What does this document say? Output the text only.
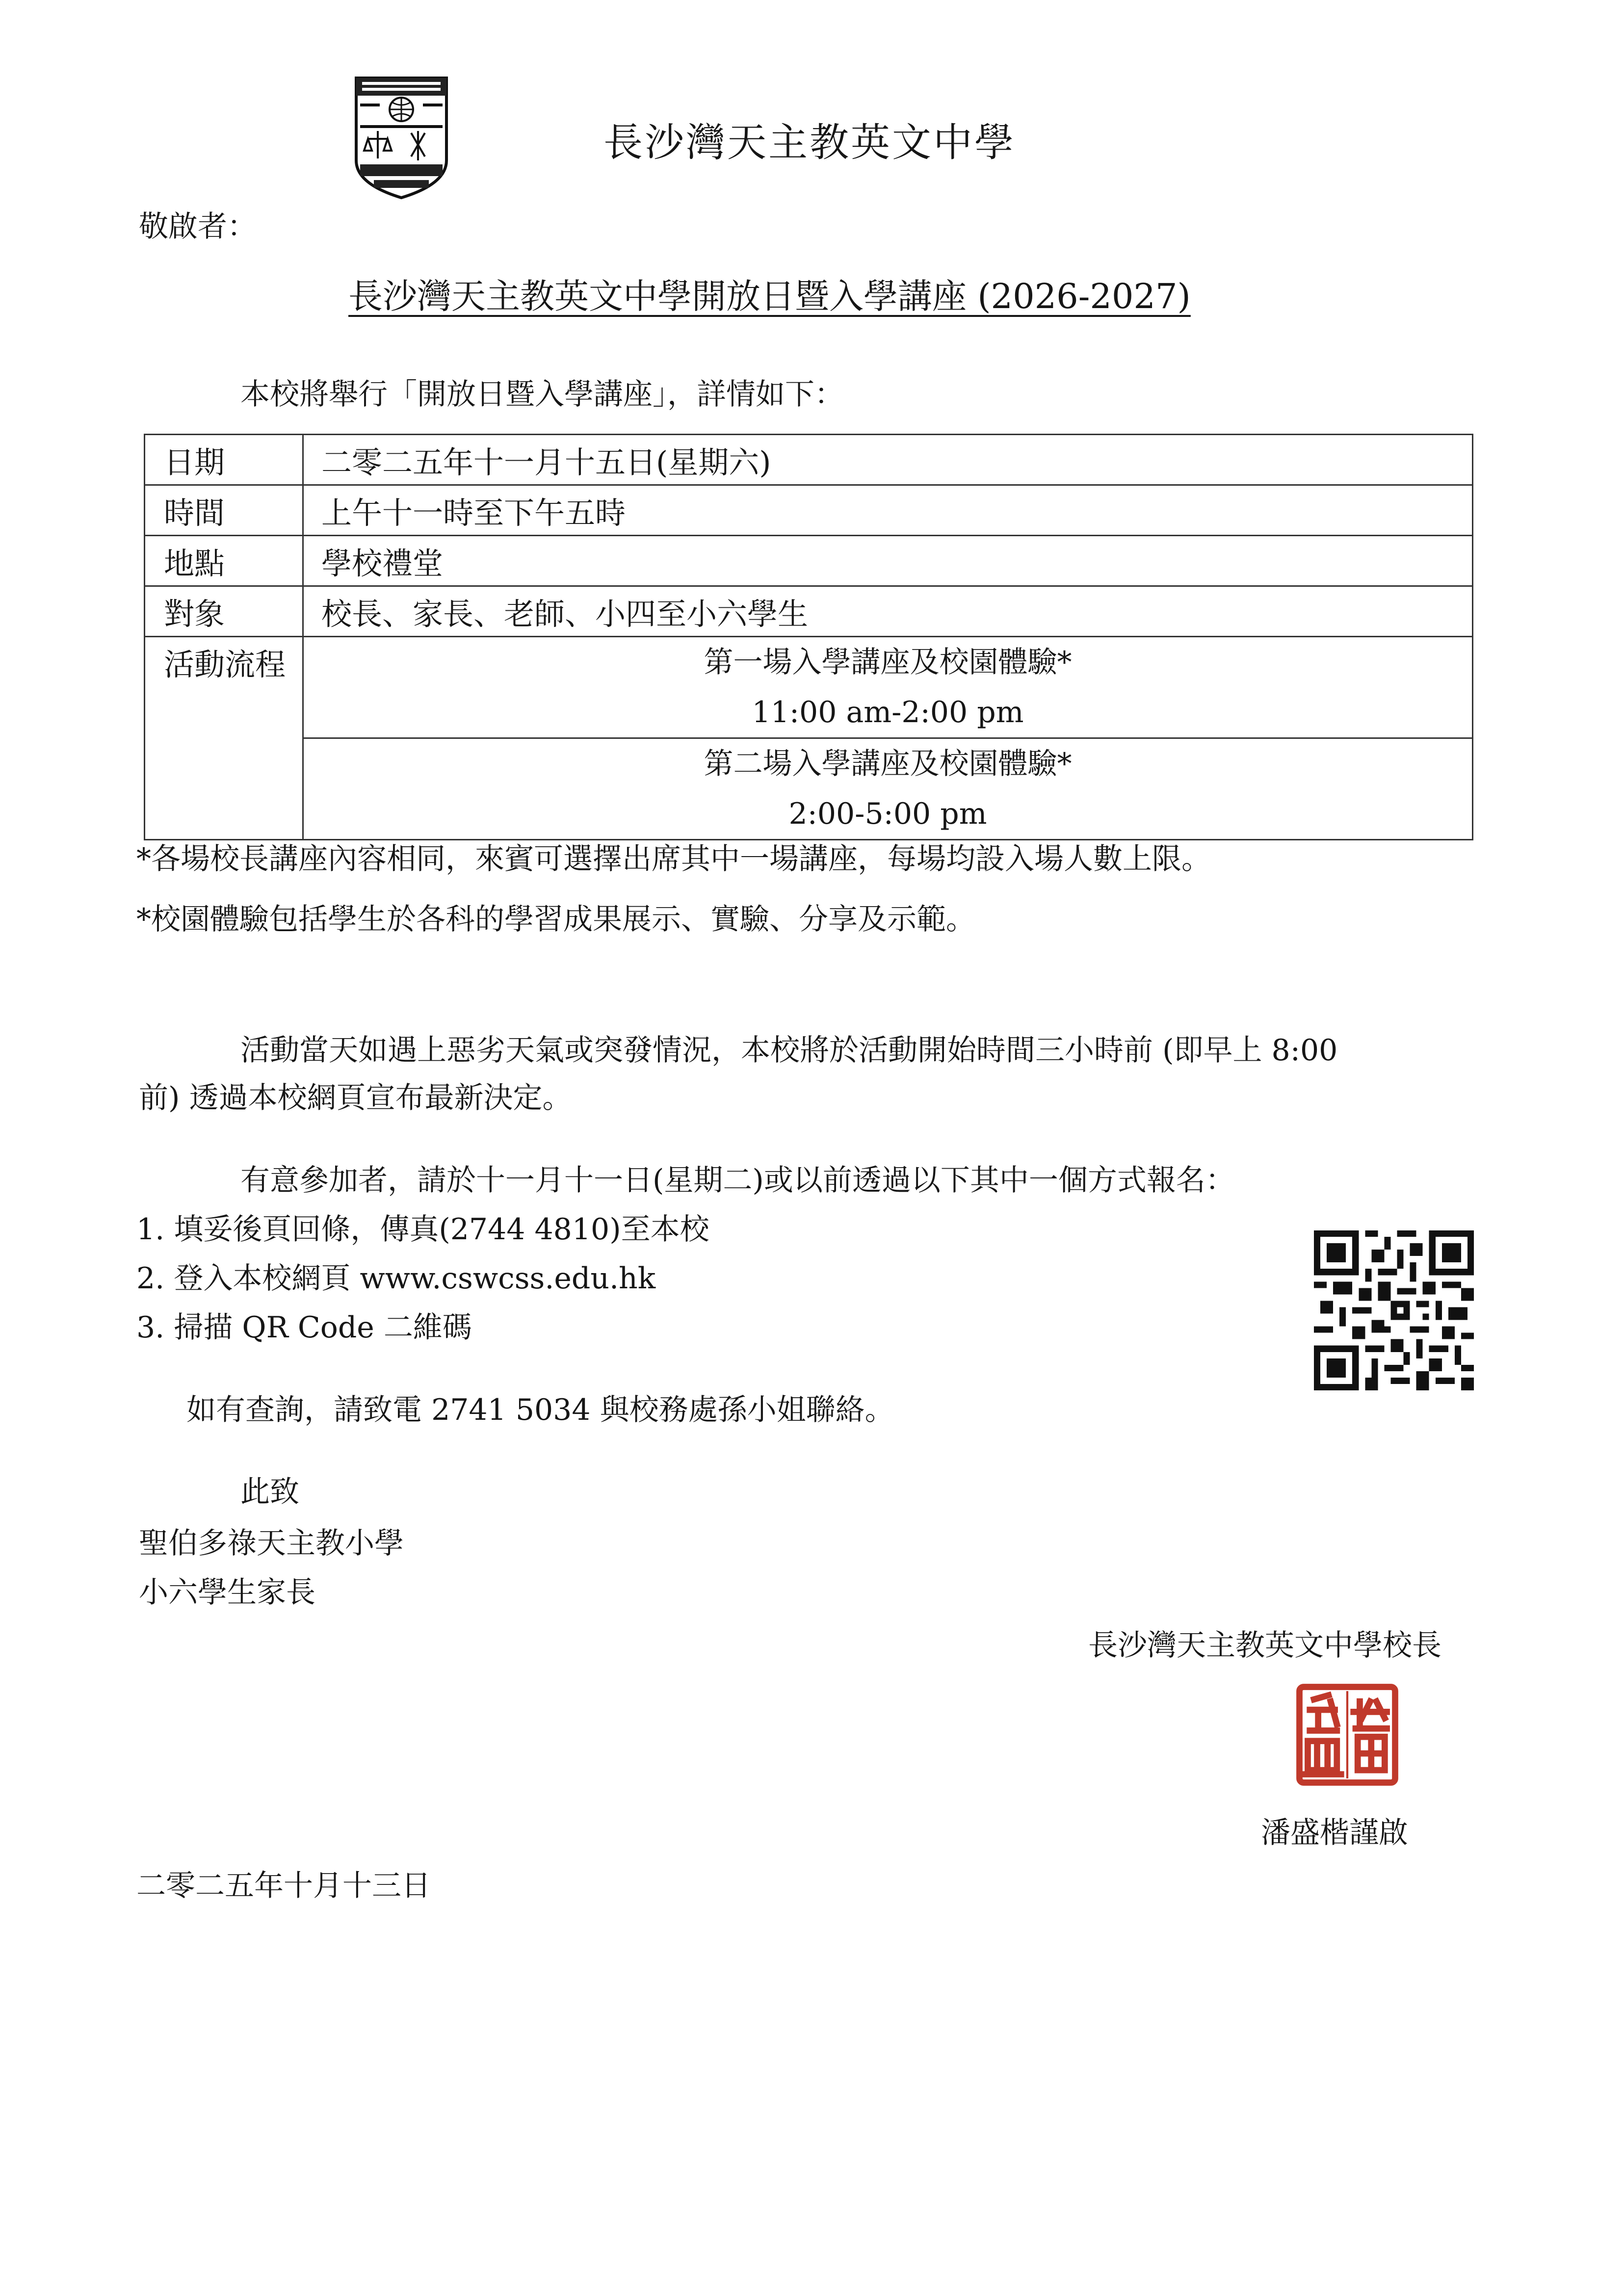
長沙灣天主教英文中學
敬啟者：
長沙灣天主教英文中學開放日暨入學講座 (2026-2027)
本校將舉行「開放日暨入學講座」，詳情如下：
日期	二零二五年十一月十五日(星期六)
時間	上午十一時至下午五時
地點	學校禮堂
對象	校長、家長、老師、小四至小六學生
活動流程	第一場入學講座及校園體驗*
11:00 am-2:00 pm
第二場入學講座及校園體驗*
2:00-5:00 pm
*各場校長講座內容相同，來賓可選擇出席其中一場講座，每場均設入場人數上限。
*校園體驗包括學生於各科的學習成果展示、實驗、分享及示範。
活動當天如遇上惡劣天氣或突發情況，本校將於活動開始時間三小時前 (即早上 8:00
前) 透過本校網頁宣布最新決定。
有意參加者，請於十一月十一日(星期二)或以前透過以下其中一個方式報名：
1. 填妥後頁回條，傳真(2744 4810)至本校
2. 登入本校網頁 www.cswcss.edu.hk
3. 掃描 QR Code 二維碼
如有查詢，請致電 2741 5034 與校務處孫小姐聯絡。
此致
聖伯多祿天主教小學
小六學生家長
長沙灣天主教英文中學校長
潘盛楷謹啟
二零二五年十月十三日
